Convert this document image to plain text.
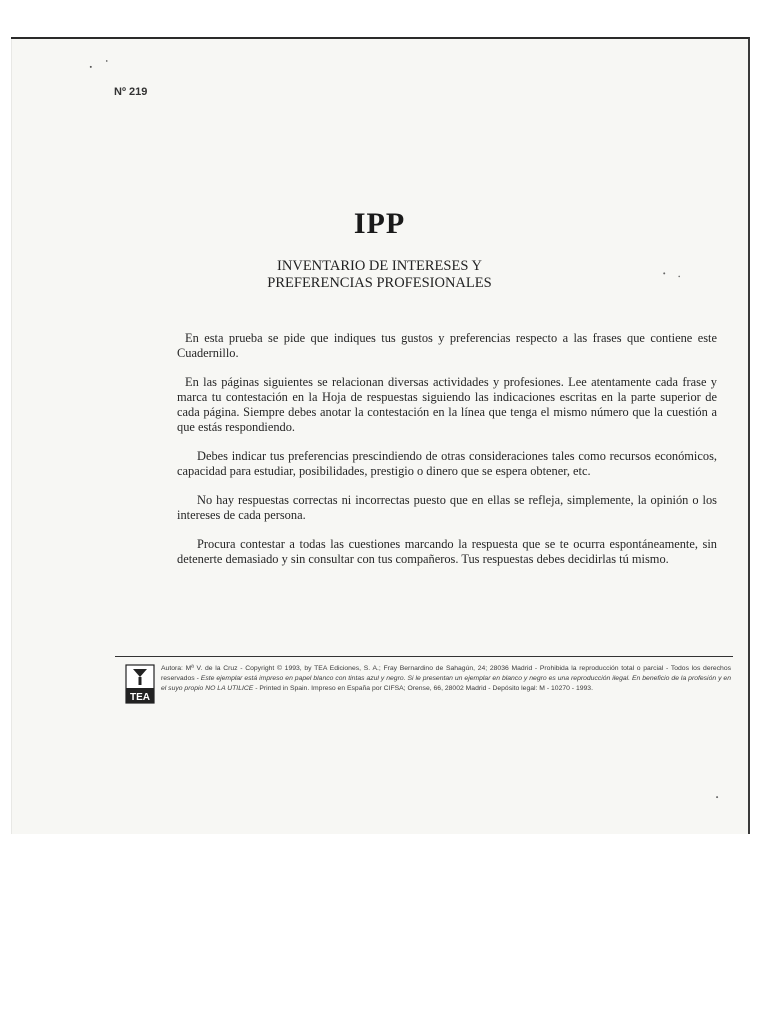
Nº 219
IPP
INVENTARIO DE INTERESES Y
PREFERENCIAS PROFESIONALES

En esta prueba se pide que indiques tus gustos y preferencias respecto a las frases que contiene este Cuadernillo.

En las páginas siguientes se relacionan diversas actividades y profesiones. Lee atentamente cada frase y marca tu contestación en la Hoja de respuestas siguiendo las indicaciones escritas en la parte superior de cada página. Siempre debes anotar la contestación en la línea que tenga el mismo número que la cuestión a que estás respondiendo.

Debes indicar tus preferencias prescindiendo de otras consideraciones tales como recursos económicos, capacidad para estudiar, posibilidades, prestigio o dinero que se espera obtener, etc.

No hay respuestas correctas ni incorrectas puesto que en ellas se refleja, simplemente, la opinión o los intereses de cada persona.

Procura contestar a todas las cuestiones marcando la respuesta que se te ocurra espontáneamente, sin detenerte demasiado y sin consultar con tus compañeros. Tus respuestas debes decidirlas tú mismo.

TEA
Autora: Mª V. de la Cruz - Copyright © 1993, by TEA Ediciones, S. A.; Fray Bernardino de Sahagún, 24; 28036 Madrid - Prohibida la reproducción total o parcial - Todos los derechos reservados - Este ejemplar está impreso en papel blanco con tintas azul y negro. Si le presentan un ejemplar en blanco y negro es una reproducción ilegal. En beneficio de la profesión y en el suyo propio NO LA UTILICE - Printed in Spain. Impreso en España por CIFSA; Orense, 66, 28002 Madrid - Depósito legal: M - 10270 - 1993.
